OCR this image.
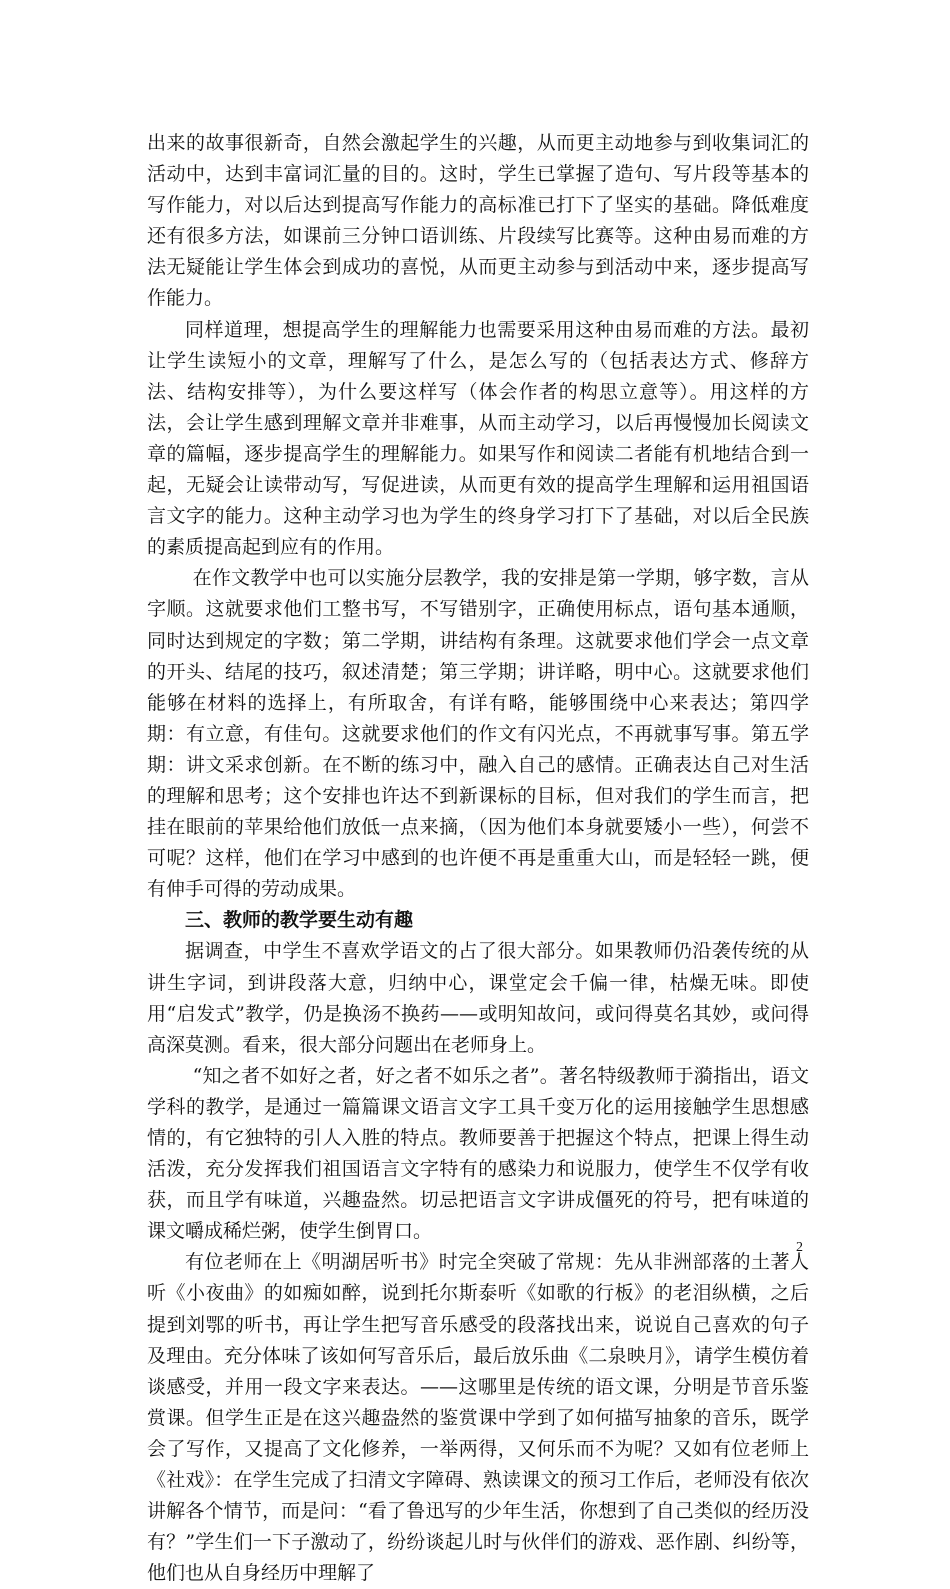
出来的故事很新奇，自然会激起学生的兴趣，从而更主动地参与到收集词汇的活动中，达到丰富词汇量的目的。这时，学生已掌握了造句、写片段等基本的写作能力，对以后达到提高写作能力的高标准已打下了坚实的基础。降低难度还有很多方法，如课前三分钟口语训练、片段续写比赛等。这种由易而难的方法无疑能让学生体会到成功的喜悦，从而更主动参与到活动中来，逐步提高写作能力。

同样道理，想提高学生的理解能力也需要采用这种由易而难的方法。最初让学生读短小的文章，理解写了什么，是怎么写的（包括表达方式、修辞方法、结构安排等），为什么要这样写（体会作者的构思立意等）。用这样的方法，会让学生感到理解文章并非难事，从而主动学习，以后再慢慢加长阅读文章的篇幅，逐步提高学生的理解能力。如果写作和阅读二者能有机地结合到一起，无疑会让读带动写，写促进读，从而更有效的提高学生理解和运用祖国语言文字的能力。这种主动学习也为学生的终身学习打下了基础，对以后全民族的素质提高起到应有的作用。

在作文教学中也可以实施分层教学，我的安排是第一学期，够字数，言从字顺。这就要求他们工整书写，不写错别字，正确使用标点，语句基本通顺，同时达到规定的字数；第二学期，讲结构有条理。这就要求他们学会一点文章的开头、结尾的技巧，叙述清楚；第三学期；讲详略，明中心。这就要求他们能够在材料的选择上，有所取舍，有详有略，能够围绕中心来表达；第四学期：有立意，有佳句。这就要求他们的作文有闪光点，不再就事写事。第五学期：讲文采求创新。在不断的练习中，融入自己的感情。正确表达自己对生活的理解和思考；这个安排也许达不到新课标的目标，但对我们的学生而言，把挂在眼前的苹果给他们放低一点来摘，（因为他们本身就要矮小一些），何尝不可呢？这样，他们在学习中感到的也许便不再是重重大山，而是轻轻一跳，便有伸手可得的劳动成果。

三、教师的教学要生动有趣

据调查，中学生不喜欢学语文的占了很大部分。如果教师仍沿袭传统的从讲生字词，到讲段落大意，归纳中心，课堂定会千偏一律，枯燥无味。即使用“启发式”教学，仍是换汤不换药——或明知故问，或问得莫名其妙，或问得高深莫测。看来，很大部分问题出在老师身上。

“知之者不如好之者，好之者不如乐之者”。著名特级教师于漪指出，语文学科的教学，是通过一篇篇课文语言文字工具千变万化的运用接触学生思想感情的，有它独特的引人入胜的特点。教师要善于把握这个特点，把课上得生动活泼，充分发挥我们祖国语言文字特有的感染力和说服力，使学生不仅学有收获，而且学有味道，兴趣盎然。切忌把语言文字讲成僵死的符号，把有味道的课文嚼成稀烂粥，使学生倒胃口。

有位老师在上《明湖居听书》时完全突破了常规：先从非洲部落的土著人听《小夜曲》的如痴如醉，说到托尔斯泰听《如歌的行板》的老泪纵横，之后提到刘鄂的听书，再让学生把写音乐感受的段落找出来，说说自己喜欢的句子及理由。充分体味了该如何写音乐后，最后放乐曲《二泉映月》，请学生模仿着谈感受，并用一段文字来表达。——这哪里是传统的语文课，分明是节音乐鉴赏课。但学生正是在这兴趣盎然的鉴赏课中学到了如何描写抽象的音乐，既学会了写作，又提高了文化修养，一举两得，又何乐而不为呢？又如有位老师上《社戏》：在学生完成了扫清文字障碍、熟读课文的预习工作后，老师没有依次讲解各个情节，而是问：“看了鲁迅写的少年生活，你想到了自己类似的经历没有？”学生们一下子激动了，纷纷谈起儿时与伙伴们的游戏、恶作剧、纠纷等，他们也从自身经历中理解了

2
